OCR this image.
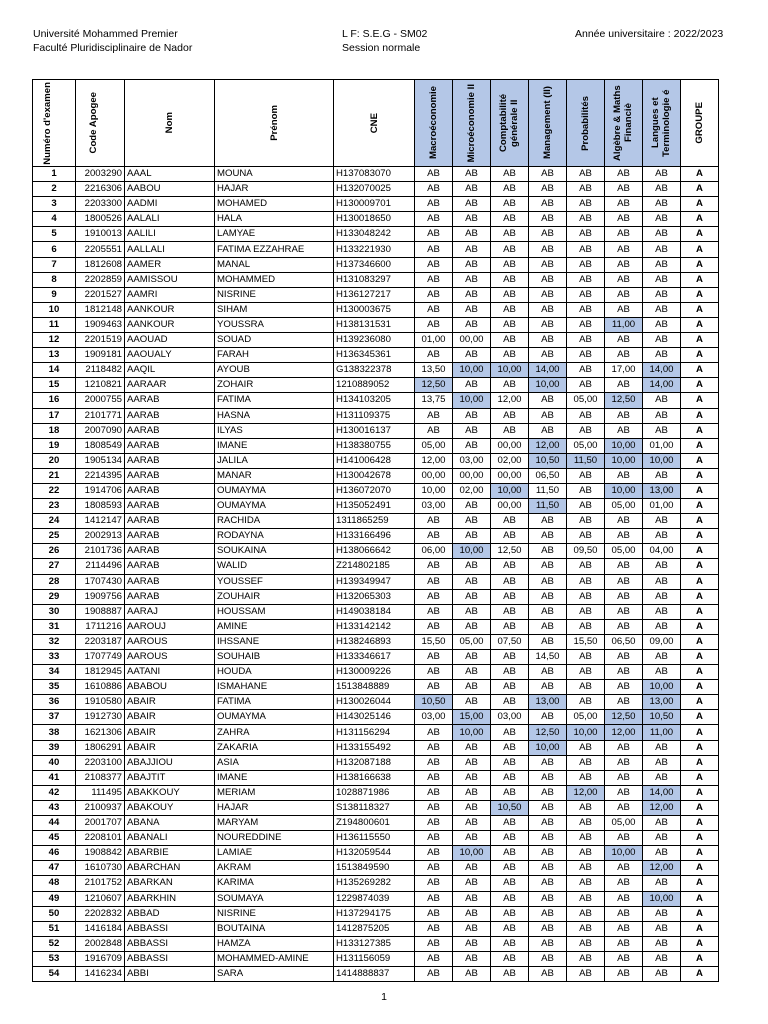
Université Mohammed Premier
Faculté Pluridisciplinaire de Nador
L F: S.E.G - SM02
Session normale
Année universitaire : 2022/2023
Numéro d'examen	Code Apogee	Nom	Prénom	CNE	Macroéconomie	Microéconomie II	Comptabilité générale II	Management (II)	Probabilités	Algèbre & Maths Financiè	Langues et Terminologie é	GROUPE

1	2003290	AAAL	MOUNA	H137083070	AB	AB	AB	AB	AB	AB	AB	A
2	2216306	AABOU	HAJAR	H132070025	AB	AB	AB	AB	AB	AB	AB	A
3	2203300	AADMI	MOHAMED	H130009701	AB	AB	AB	AB	AB	AB	AB	A
4	1800526	AALALI	HALA	H130018650	AB	AB	AB	AB	AB	AB	AB	A
5	1910013	AALILI	LAMYAE	H133048242	AB	AB	AB	AB	AB	AB	AB	A
6	2205551	AALLALI	FATIMA EZZAHRAE	H133221930	AB	AB	AB	AB	AB	AB	AB	A
7	1812608	AAMER	MANAL	H137346600	AB	AB	AB	AB	AB	AB	AB	A
8	2202859	AAMISSOU	MOHAMMED	H131083297	AB	AB	AB	AB	AB	AB	AB	A
9	2201527	AAMRI	NISRINE	H136127217	AB	AB	AB	AB	AB	AB	AB	A
10	1812148	AANKOUR	SIHAM	H130003675	AB	AB	AB	AB	AB	AB	AB	A
11	1909463	AANKOUR	YOUSSRA	H138131531	AB	AB	AB	AB	AB	11,00	AB	A
12	2201519	AAOUAD	SOUAD	H139236080	01,00	00,00	AB	AB	AB	AB	AB	A
13	1909181	AAOUALY	FARAH	H136345361	AB	AB	AB	AB	AB	AB	AB	A
14	2118482	AAQIL	AYOUB	G138322378	13,50	10,00	10,00	14,00	AB	17,00	14,00	A
15	1210821	AARAAR	ZOHAIR	1210889052	12,50	AB	AB	10,00	AB	AB	14,00	A
16	2000755	AARAB	FATIMA	H134103205	13,75	10,00	12,00	AB	05,00	12,50	AB	A
17	2101771	AARAB	HASNA	H131109375	AB	AB	AB	AB	AB	AB	AB	A
18	2007090	AARAB	ILYAS	H130016137	AB	AB	AB	AB	AB	AB	AB	A
19	1808549	AARAB	IMANE	H138380755	05,00	AB	00,00	12,00	05,00	10,00	01,00	A
20	1905134	AARAB	JALILA	H141006428	12,00	03,00	02,00	10,50	11,50	10,00	10,00	A
21	2214395	AARAB	MANAR	H130042678	00,00	00,00	00,00	06,50	AB	AB	AB	A
22	1914706	AARAB	OUMAYMA	H136072070	10,00	02,00	10,00	11,50	AB	10,00	13,00	A
23	1808593	AARAB	OUMAYMA	H135052491	03,00	AB	00,00	11,50	AB	05,00	01,00	A
24	1412147	AARAB	RACHIDA	1311865259	AB	AB	AB	AB	AB	AB	AB	A
25	2002913	AARAB	RODAYNA	H133166496	AB	AB	AB	AB	AB	AB	AB	A
26	2101736	AARAB	SOUKAINA	H138066642	06,00	10,00	12,50	AB	09,50	05,00	04,00	A
27	2114496	AARAB	WALID	Z214802185	AB	AB	AB	AB	AB	AB	AB	A
28	1707430	AARAB	YOUSSEF	H139349947	AB	AB	AB	AB	AB	AB	AB	A
29	1909756	AARAB	ZOUHAIR	H132065303	AB	AB	AB	AB	AB	AB	AB	A
30	1908887	AARAJ	HOUSSAM	H149038184	AB	AB	AB	AB	AB	AB	AB	A
31	1711216	AAROUJ	AMINE	H133142142	AB	AB	AB	AB	AB	AB	AB	A
32	2203187	AAROUS	IHSSANE	H138246893	15,50	05,00	07,50	AB	15,50	06,50	09,00	A
33	1707749	AAROUS	SOUHAIB	H133346617	AB	AB	AB	14,50	AB	AB	AB	A
34	1812945	AATANI	HOUDA	H130009226	AB	AB	AB	AB	AB	AB	AB	A
35	1610886	ABABOU	ISMAHANE	1513848889	AB	AB	AB	AB	AB	AB	10,00	A
36	1910580	ABAIR	FATIMA	H130026044	10,50	AB	AB	13,00	AB	AB	13,00	A
37	1912730	ABAIR	OUMAYMA	H143025146	03,00	15,00	03,00	AB	05,00	12,50	10,50	A
38	1621306	ABAIR	ZAHRA	H131156294	AB	10,00	AB	12,50	10,00	12,00	11,00	A
39	1806291	ABAIR	ZAKARIA	H133155492	AB	AB	AB	10,00	AB	AB	AB	A
40	2203100	ABAJJIOU	ASIA	H132087188	AB	AB	AB	AB	AB	AB	AB	A
41	2108377	ABAJTIT	IMANE	H138166638	AB	AB	AB	AB	AB	AB	AB	A
42	111495	ABAKKOUY	MERIAM	1028871986	AB	AB	AB	AB	12,00	AB	14,00	A
43	2100937	ABAKOUY	HAJAR	S138118327	AB	AB	10,50	AB	AB	AB	12,00	A
44	2001707	ABANA	MARYAM	Z194800601	AB	AB	AB	AB	AB	05,00	AB	A
45	2208101	ABANALI	NOUREDDINE	H136115550	AB	AB	AB	AB	AB	AB	AB	A
46	1908842	ABARBIE	LAMIAE	H132059544	AB	10,00	AB	AB	AB	10,00	AB	A
47	1610730	ABARCHAN	AKRAM	1513849590	AB	AB	AB	AB	AB	AB	12,00	A
48	2101752	ABARKAN	KARIMA	H135269282	AB	AB	AB	AB	AB	AB	AB	A
49	1210607	ABARKHIN	SOUMAYA	1229874039	AB	AB	AB	AB	AB	AB	10,00	A
50	2202832	ABBAD	NISRINE	H137294175	AB	AB	AB	AB	AB	AB	AB	A
51	1416184	ABBASSI	BOUTAINA	1412875205	AB	AB	AB	AB	AB	AB	AB	A
52	2002848	ABBASSI	HAMZA	H133127385	AB	AB	AB	AB	AB	AB	AB	A
53	1916709	ABBASSI	MOHAMMED-AMINE	H131156059	AB	AB	AB	AB	AB	AB	AB	A
54	1416234	ABBI	SARA	1414888837	AB	AB	AB	AB	AB	AB	AB	A
1
